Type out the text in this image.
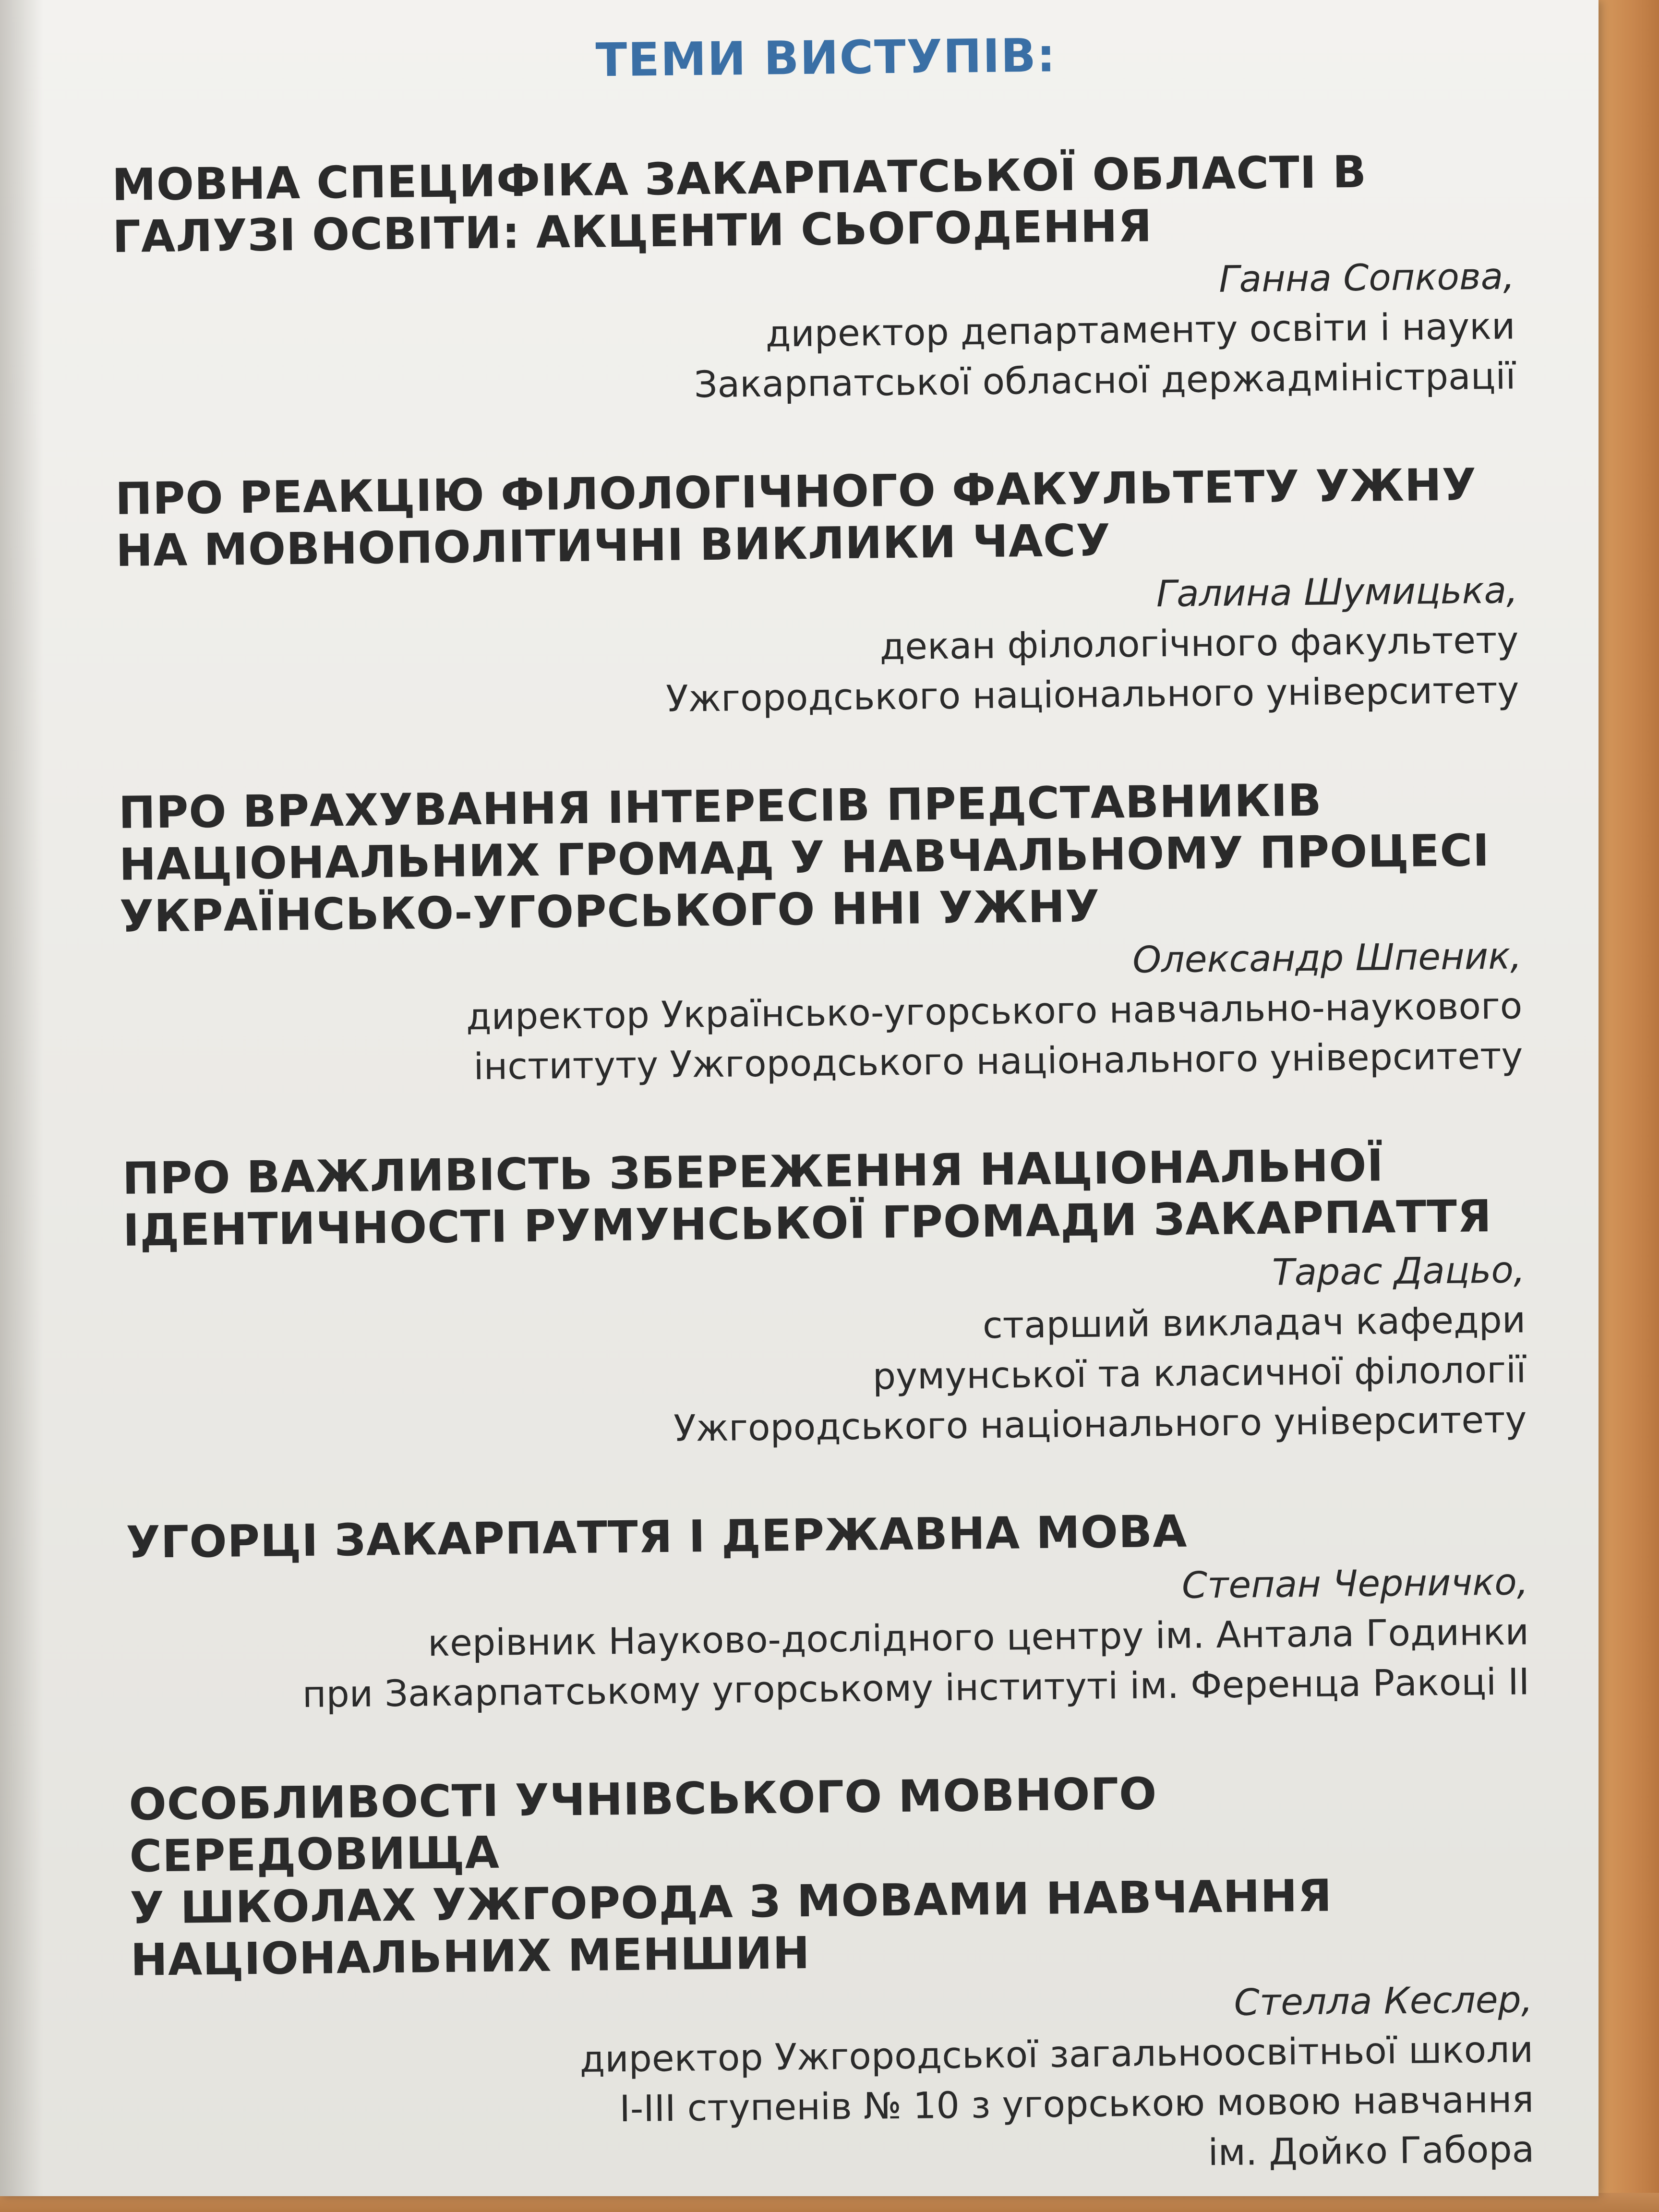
ТЕМИ ВИСТУПІВ:
МОВНА СПЕЦИФІКА ЗАКАРПАТСЬКОЇ ОБЛАСТІ В
ГАЛУЗІ ОСВІТИ: АКЦЕНТИ СЬОГОДЕННЯ
Ганна Сопкова,
директор департаменту освіти і науки
Закарпатської обласної держадміністрації
ПРО РЕАКЦІЮ ФІЛОЛОГІЧНОГО ФАКУЛЬТЕТУ УЖНУ
НА МОВНОПОЛІТИЧНІ ВИКЛИКИ ЧАСУ
Галина Шумицька,
декан філологічного факультету
Ужгородського національного університету
ПРО ВРАХУВАННЯ ІНТЕРЕСІВ ПРЕДСТАВНИКІВ
НАЦІОНАЛЬНИХ ГРОМАД У НАВЧАЛЬНОМУ ПРОЦЕСІ
УКРАЇНСЬКО-УГОРСЬКОГО ННІ УЖНУ
Олександр Шпеник,
директор Українсько-угорського навчально-наукового
інституту Ужгородського національного університету
ПРО ВАЖЛИВІСТЬ ЗБЕРЕЖЕННЯ НАЦІОНАЛЬНОЇ
ІДЕНТИЧНОСТІ РУМУНСЬКОЇ ГРОМАДИ ЗАКАРПАТТЯ
Тарас Дацьо,
старший викладач кафедри
румунської та класичної філології
Ужгородського національного університету
УГОРЦІ ЗАКАРПАТТЯ І ДЕРЖАВНА МОВА
Степан Черничко,
керівник Науково-дослідного центру ім. Антала Годинки
при Закарпатському угорському інституті ім. Ференца Ракоці ІІ
ОСОБЛИВОСТІ УЧНІВСЬКОГО МОВНОГО СЕРЕДОВИЩА
У ШКОЛАХ УЖГОРОДА З МОВАМИ НАВЧАННЯ
НАЦІОНАЛЬНИХ МЕНШИН
Стелла Кеслер,
директор Ужгородської загальноосвітньої школи
І-ІІІ ступенів № 10 з угорською мовою навчання
ім. Дойко Габора
